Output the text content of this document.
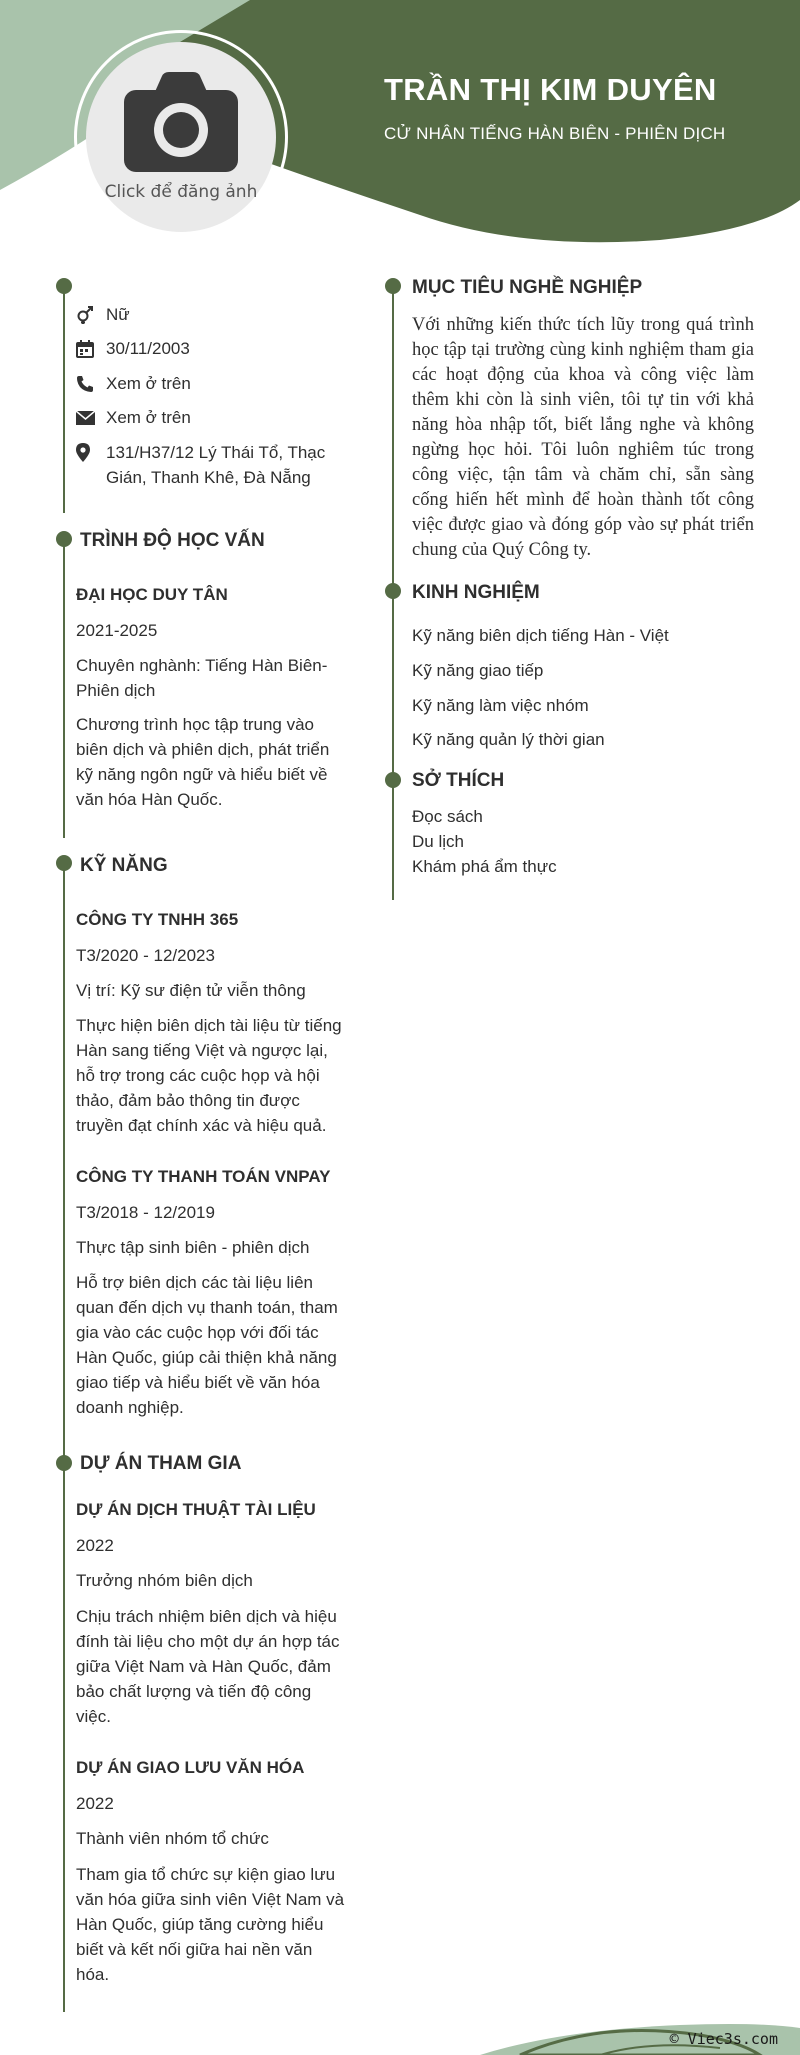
Click để đăng ảnh
TRẦN THỊ KIM DUYÊN
CỬ NHÂN TIẾNG HÀN BIÊN - PHIÊN DỊCH
Nữ
30/11/2003
Xem ở trên
Xem ở trên
131/H37/12 Lý Thái Tổ, Thạc Gián, Thanh Khê, Đà Nẵng
TRÌNH ĐỘ HỌC VẤN
ĐẠI HỌC DUY TÂN
2021-2025
Chuyên nghành: Tiếng Hàn Biên- Phiên dịch
Chương trình học tập trung vào biên dịch và phiên dịch, phát triển kỹ năng ngôn ngữ và hiểu biết về văn hóa Hàn Quốc.
KỸ NĂNG
CÔNG TY TNHH 365
T3/2020 - 12/2023
Vị trí: Kỹ sư điện tử viễn thông
Thực hiện biên dịch tài liệu từ tiếng Hàn sang tiếng Việt và ngược lại, hỗ trợ trong các cuộc họp và hội thảo, đảm bảo thông tin được truyền đạt chính xác và hiệu quả.
CÔNG TY THANH TOÁN VNPAY
T3/2018 - 12/2019
Thực tập sinh biên - phiên dịch
Hỗ trợ biên dịch các tài liệu liên quan đến dịch vụ thanh toán, tham gia vào các cuộc họp với đối tác Hàn Quốc, giúp cải thiện khả năng giao tiếp và hiểu biết về văn hóa doanh nghiệp.
DỰ ÁN THAM GIA
DỰ ÁN DỊCH THUẬT TÀI LIỆU
2022
Trưởng nhóm biên dịch
Chịu trách nhiệm biên dịch và hiệu đính tài liệu cho một dự án hợp tác giữa Việt Nam và Hàn Quốc, đảm bảo chất lượng và tiến độ công việc.
DỰ ÁN GIAO LƯU VĂN HÓA
2022
Thành viên nhóm tổ chức
Tham gia tổ chức sự kiện giao lưu văn hóa giữa sinh viên Việt Nam và Hàn Quốc, giúp tăng cường hiểu biết và kết nối giữa hai nền văn hóa.
MỤC TIÊU NGHỀ NGHIỆP
Với những kiến thức tích lũy trong quá trình học tập tại trường cùng kinh nghiệm tham gia các hoạt động của khoa và công việc làm thêm khi còn là sinh viên, tôi tự tin với khả năng hòa nhập tốt, biết lắng nghe và không ngừng học hỏi. Tôi luôn nghiêm túc trong công việc, tận tâm và chăm chỉ, sẵn sàng cống hiến hết mình để hoàn thành tốt công việc được giao và đóng góp vào sự phát triển chung của Quý Công ty.
KINH NGHIỆM
Kỹ năng biên dịch tiếng Hàn - Việt
Kỹ năng giao tiếp
Kỹ năng làm việc nhóm
Kỹ năng quản lý thời gian
SỞ THÍCH
Đọc sách
Du lịch
Khám phá ẩm thực
© Viec3s.com
